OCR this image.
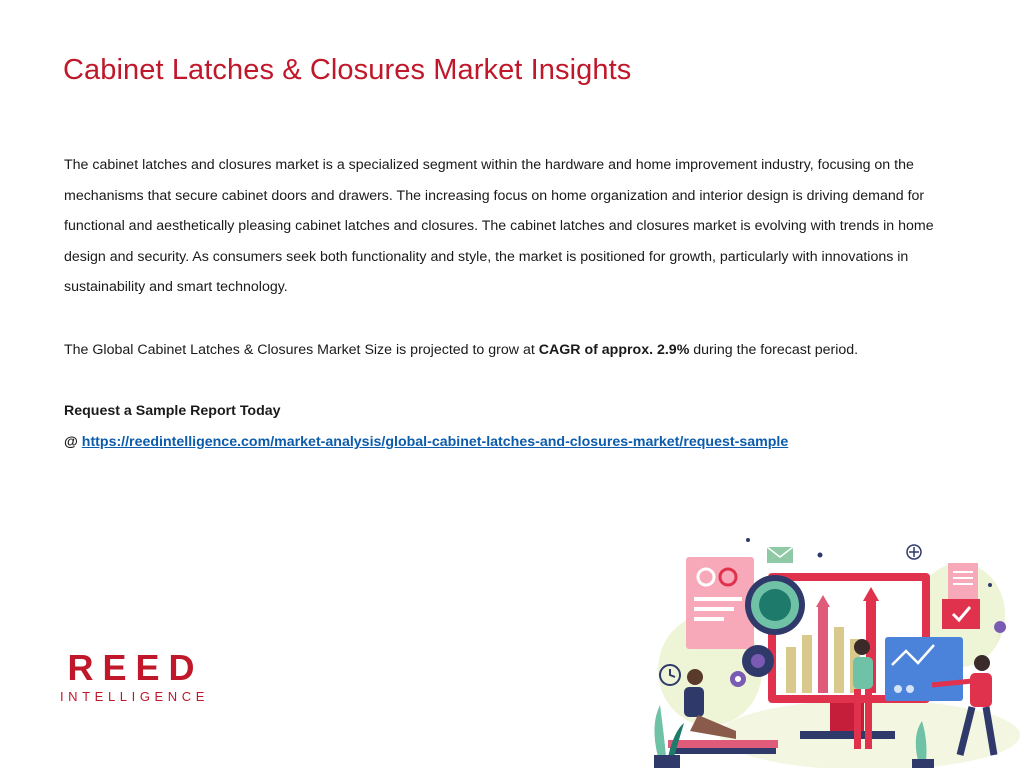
Cabinet Latches & Closures Market Insights

The cabinet latches and closures market is a specialized segment within the hardware and home improvement industry, focusing on the mechanisms that secure cabinet doors and drawers. The increasing focus on home organization and interior design is driving demand for functional and aesthetically pleasing cabinet latches and closures. The cabinet latches and closures market is evolving with trends in home design and security. As consumers seek both functionality and style, the market is positioned for growth, particularly with innovations in sustainability and smart technology.

The Global Cabinet Latches & Closures Market Size is projected to grow at CAGR of approx. 2.9% during the forecast period.

Request a Sample Report Today
@ https://reedintelligence.com/market-analysis/global-cabinet-latches-and-closures-market/request-sample
REED
INTELLIGENCE
